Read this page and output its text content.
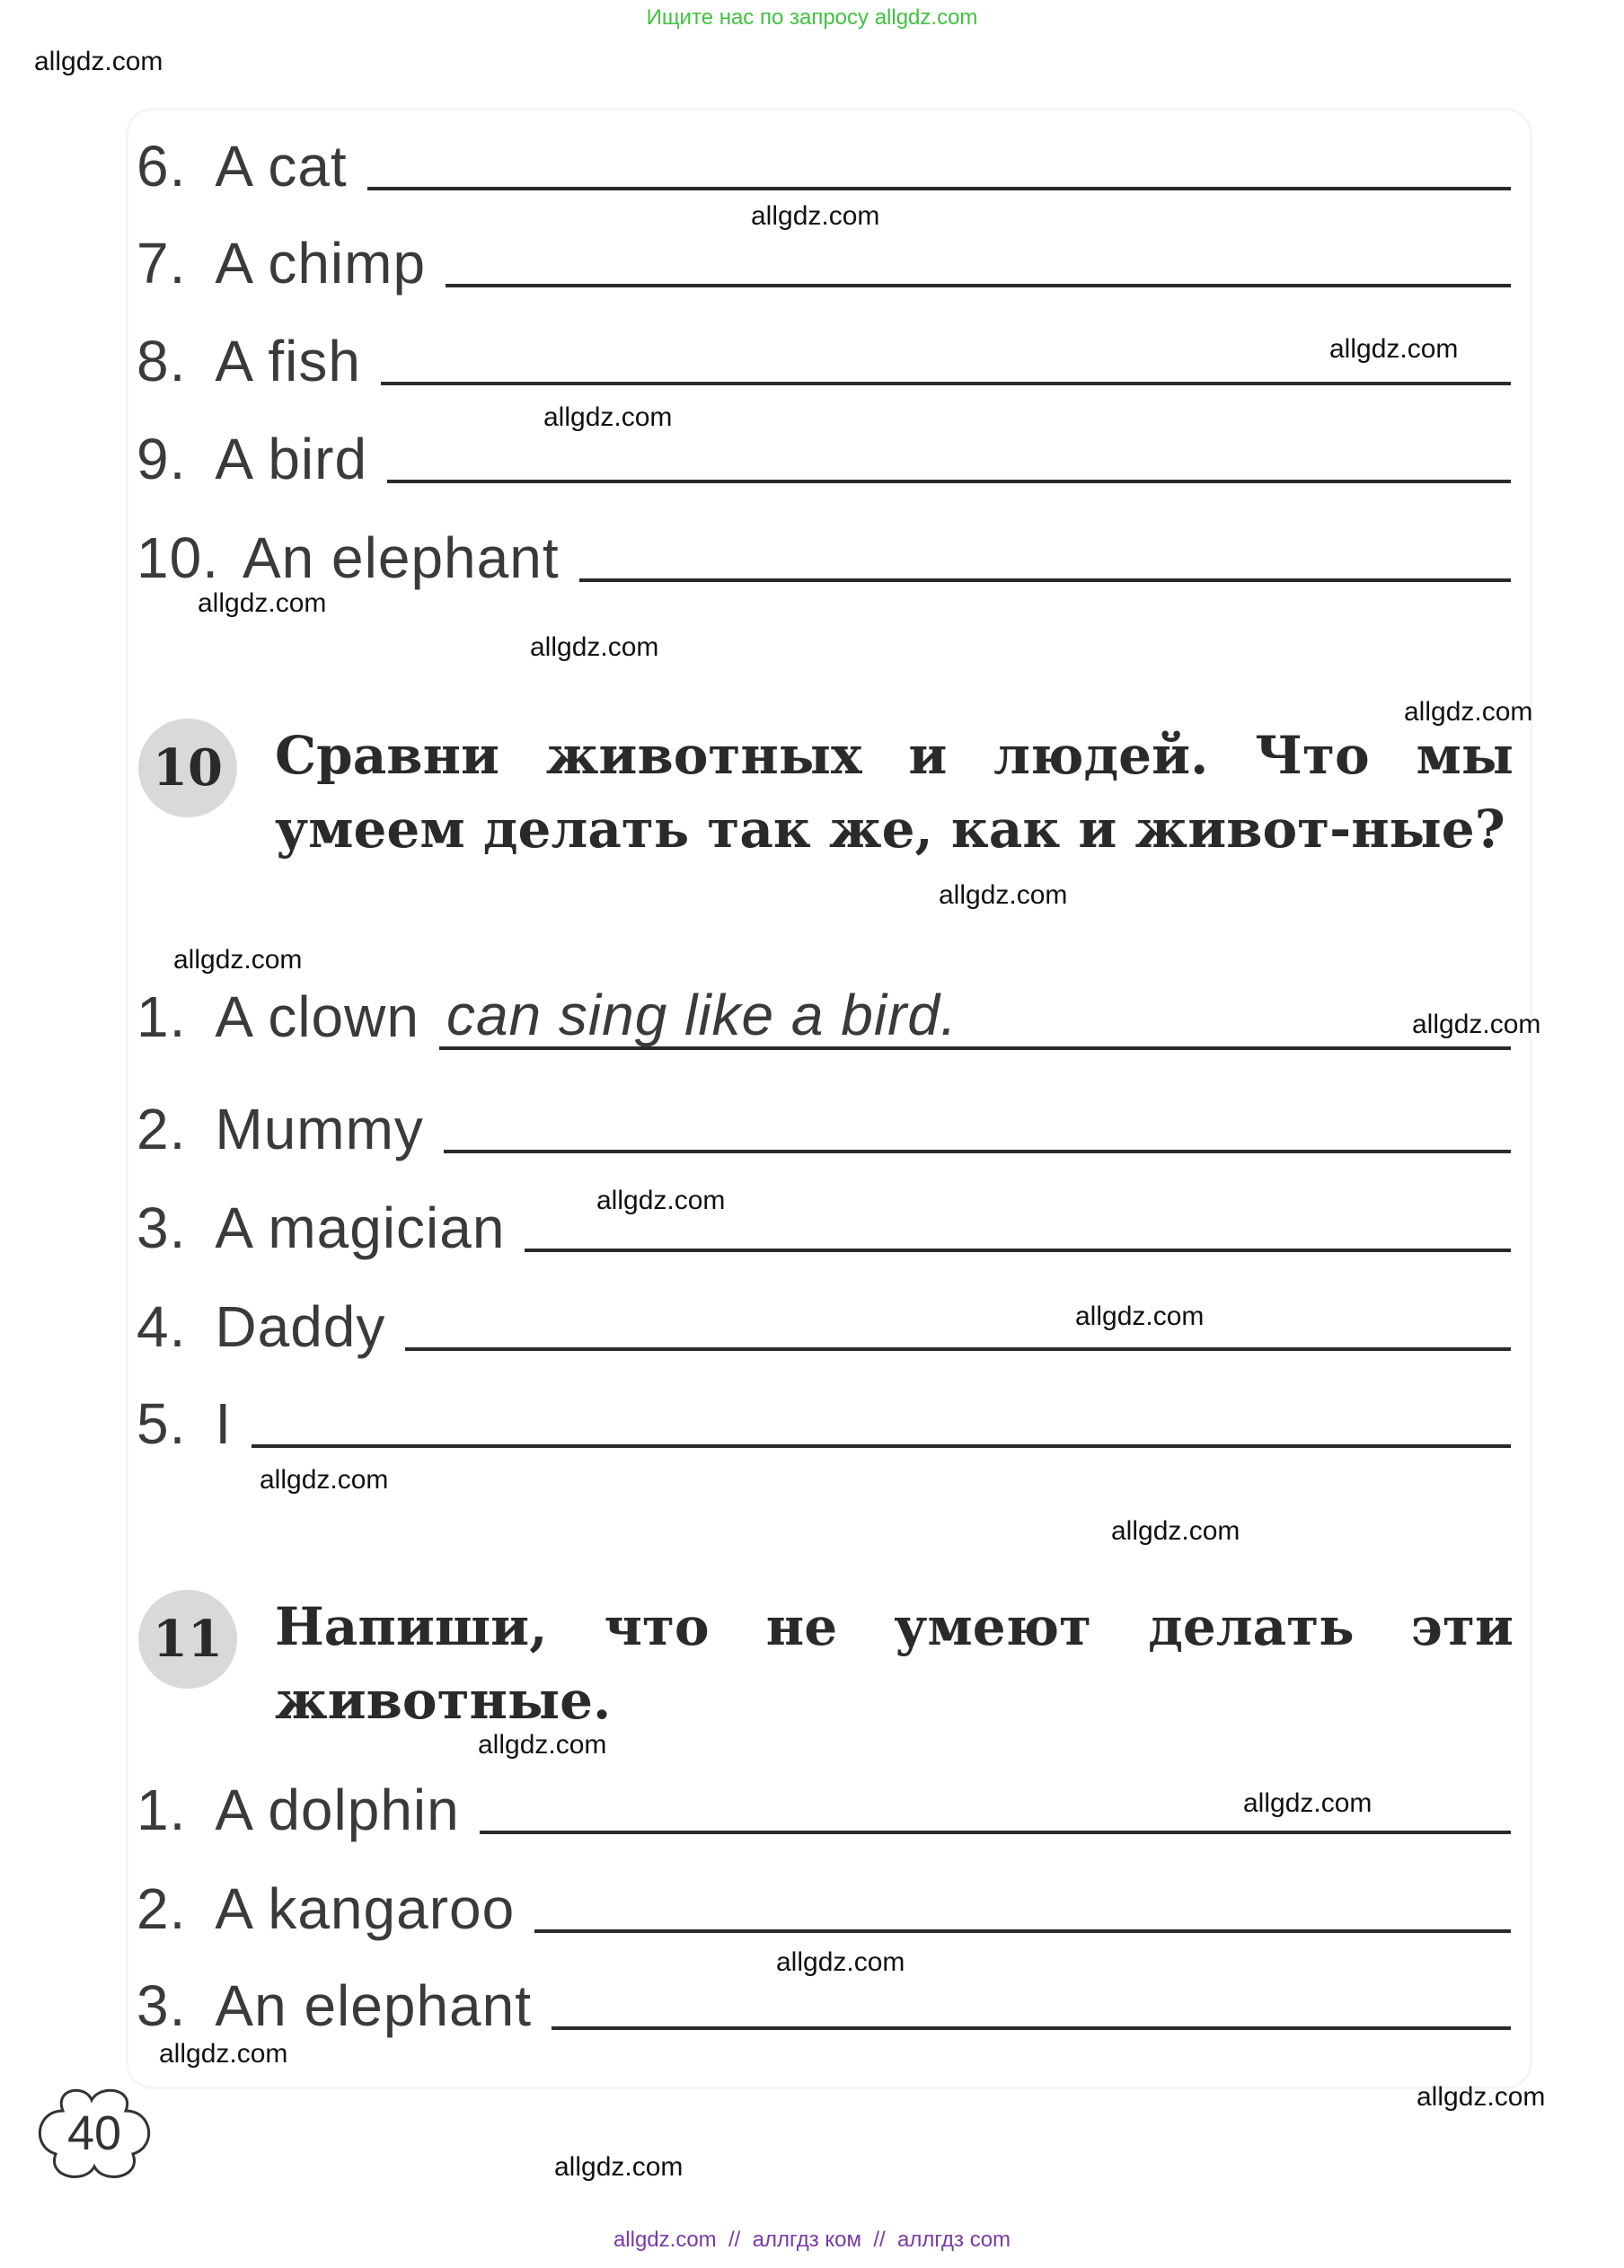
Ищите нас по запросу allgdz.com
6. A cat
7. A chimp
8. A fish
9. A bird
10. An elephant
10	Сравни животных и людей. Что мы умеем делать так же, как и живот-ные?
1. A clown can sing like a bird.
2. Mummy
3. A magician
4. Daddy
5. I
11	Напиши, что не умеют делать эти животные.
1. A dolphin
2. A kangaroo
3. An elephant
40
allgdz.com
allgdz.com
allgdz.com
allgdz.com
allgdz.com
allgdz.com
allgdz.com
allgdz.com
allgdz.com
allgdz.com
allgdz.com
allgdz.com
allgdz.com
allgdz.com
allgdz.com
allgdz.com
allgdz.com
allgdz.com
allgdz.com
allgdz.com
allgdz.com  //  аллгдз ком  //  аллгдз com
